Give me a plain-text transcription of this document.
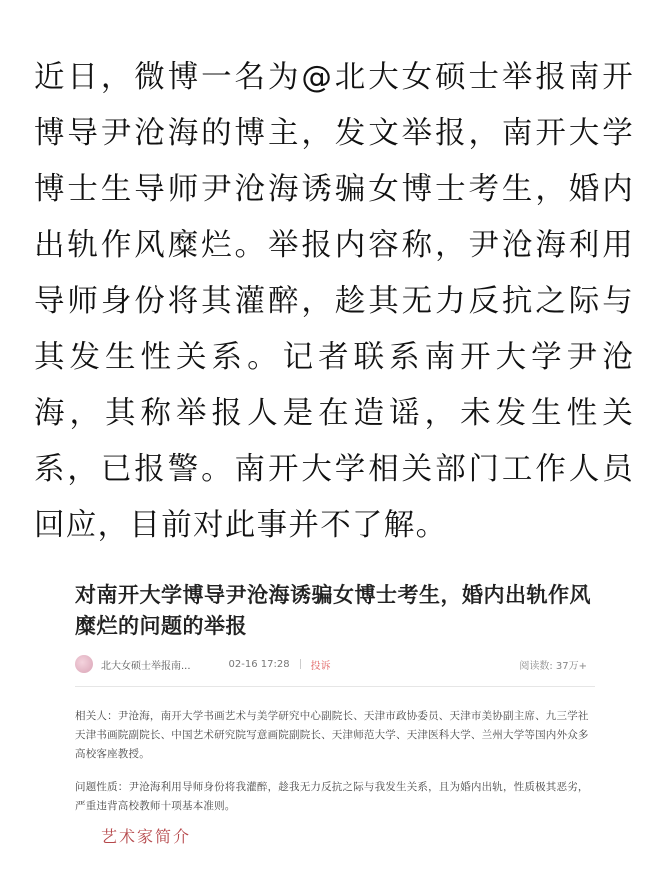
近日，微博一名为@北大女硕士举报南开博导尹沧海的博主，发文举报，南开大学博士生导师尹沧海诱骗女博士考生，婚内出轨作风糜烂。举报内容称，尹沧海利用导师身份将其灌醉，趁其无力反抗之际与其发生性关系。记者联系南开大学尹沧海，其称举报人是在造谣，未发生性关系，已报警。南开大学相关部门工作人员回应，目前对此事并不了解。

对南开大学博导尹沧海诱骗女博士考生，婚内出轨作风糜烂的问题的举报
北大女硕士举报南...	02-16 17:28 投诉	阅读数: 37万+

相关人：尹沧海，南开大学书画艺术与美学研究中心副院长、天津市政协委员、天津市美协副主席、九三学社天津书画院副院长、中国艺术研究院写意画院副院长、天津师范大学、天津医科大学、兰州大学等国内外众多高校客座教授。

问题性质：尹沧海利用导师身份将我灌醉，趁我无力反抗之际与我发生关系，且为婚内出轨，性质极其恶劣，严重违背高校教师十项基本准则。

艺术家简介
